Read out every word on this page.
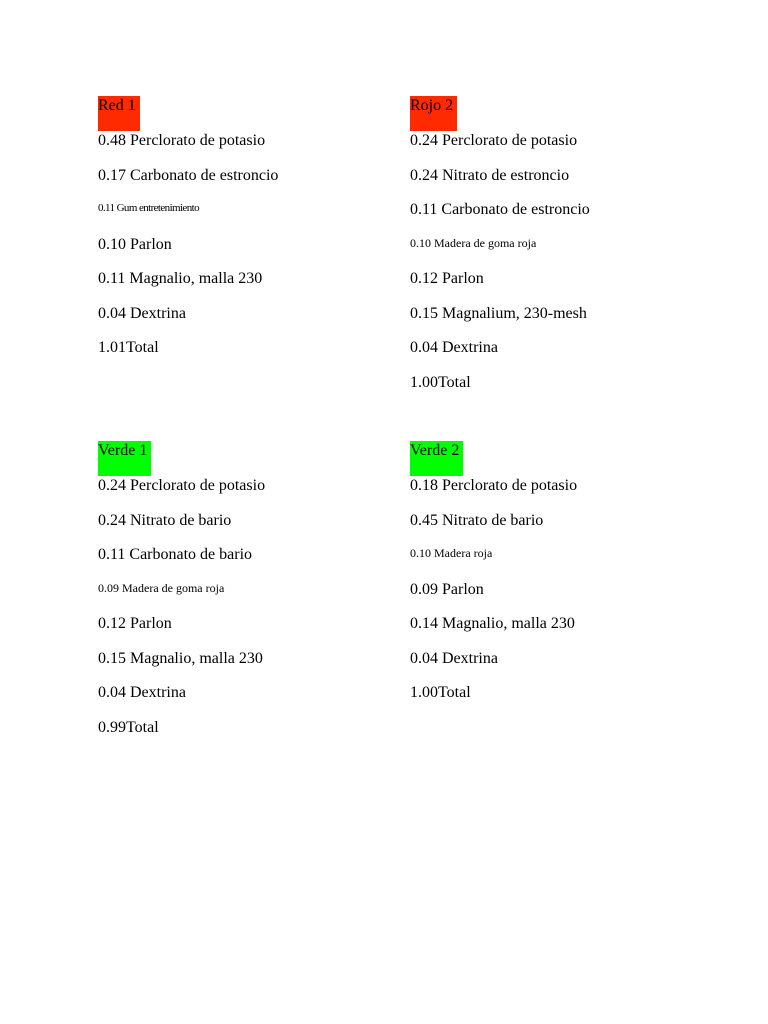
Red 1
0.48 Perclorato de potasio
0.17 Carbonato de estroncio
0.11 Gum entretenimiento
0.10 Parlon
0.11 Magnalio, malla 230
0.04 Dextrina
1.01Total
Rojo 2
0.24 Perclorato de potasio
0.24 Nitrato de estroncio
0.11 Carbonato de estroncio
0.10 Madera de goma roja
0.12 Parlon
0.15 Magnalium, 230-mesh
0.04 Dextrina
1.00Total
Verde 1
0.24 Perclorato de potasio
0.24 Nitrato de bario
0.11 Carbonato de bario
0.09 Madera de goma roja
0.12 Parlon
0.15 Magnalio, malla 230
0.04 Dextrina
0.99Total
Verde 2
0.18 Perclorato de potasio
0.45 Nitrato de bario
0.10 Madera roja
0.09 Parlon
0.14 Magnalio, malla 230
0.04 Dextrina
1.00Total
